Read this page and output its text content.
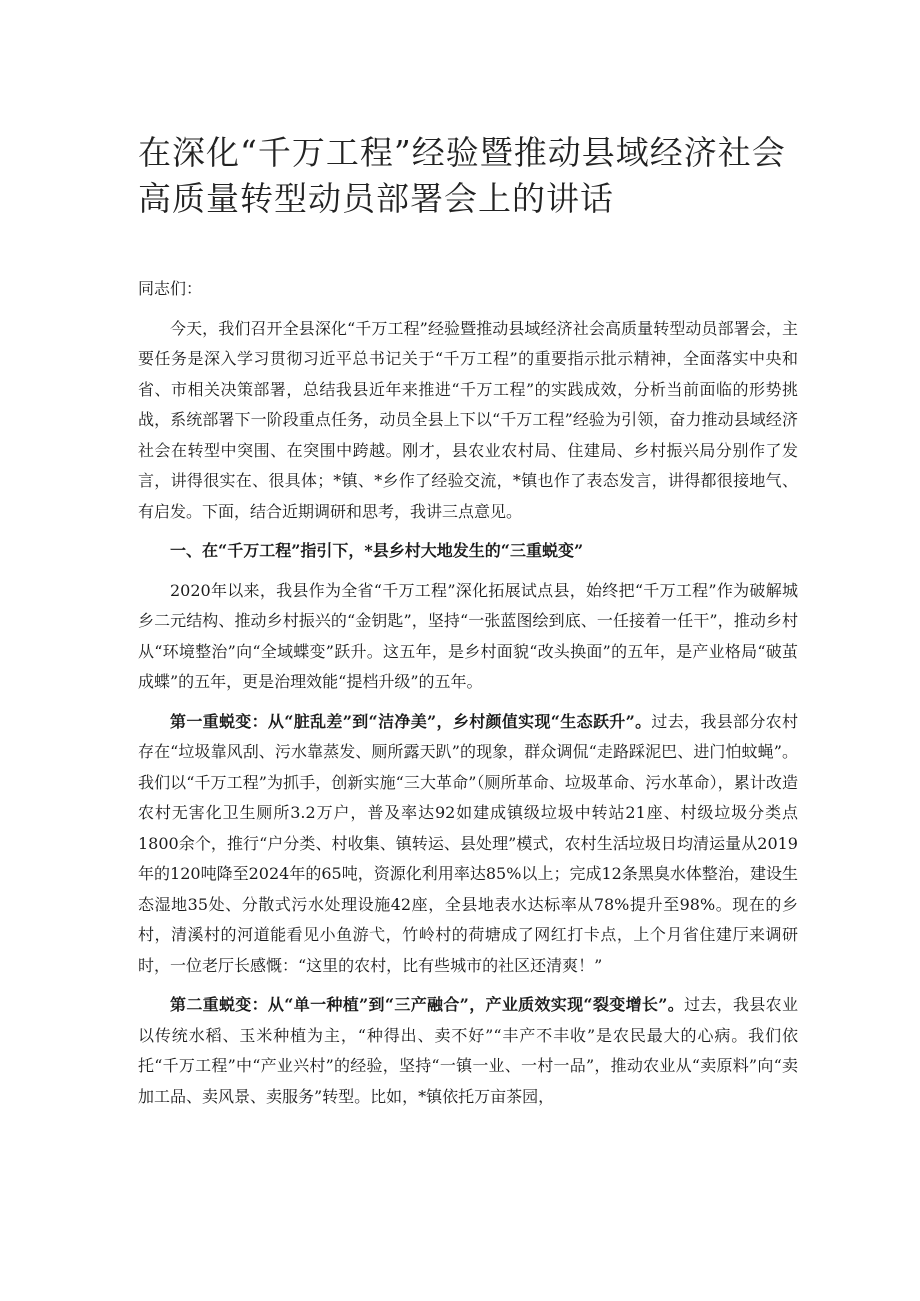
在深化“千万工程”经验暨推动县域经济社会高质量转型动员部署会上的讲话

同志们：

今天，我们召开全县深化“千万工程”经验暨推动县域经济社会高质量转型动员部署会，主要任务是深入学习贯彻习近平总书记关于“千万工程”的重要指示批示精神，全面落实中央和省、市相关决策部署，总结我县近年来推进“千万工程”的实践成效，分析当前面临的形势挑战，系统部署下一阶段重点任务，动员全县上下以“千万工程”经验为引领，奋力推动县域经济社会在转型中突围、在突围中跨越。刚才，县农业农村局、住建局、乡村振兴局分别作了发言，讲得很实在、很具体；*镇、*乡作了经验交流，*镇也作了表态发言，讲得都很接地气、有启发。下面，结合近期调研和思考，我讲三点意见。

一、在“千万工程”指引下，*县乡村大地发生的“三重蜕变”

2020年以来，我县作为全省“千万工程”深化拓展试点县，始终把“千万工程”作为破解城乡二元结构、推动乡村振兴的“金钥匙”，坚持“一张蓝图绘到底、一任接着一任干”，推动乡村从“环境整治”向“全域蝶变”跃升。这五年，是乡村面貌“改头换面”的五年，是产业格局“破茧成蝶”的五年，更是治理效能“提档升级”的五年。

第一重蜕变：从“脏乱差”到“洁净美”，乡村颜值实现“生态跃升”。过去，我县部分农村存在“垃圾靠风刮、污水靠蒸发、厕所露天趴”的现象，群众调侃“走路踩泥巴、进门怕蚊蝇”。我们以“千万工程”为抓手，创新实施“三大革命”（厕所革命、垃圾革命、污水革命），累计改造农村无害化卫生厕所3.2万户，普及率达92如建成镇级垃圾中转站21座、村级垃圾分类点1800余个，推行“户分类、村收集、镇转运、县处理”模式，农村生活垃圾日均清运量从2019年的120吨降至2024年的65吨，资源化利用率达85%以上；完成12条黑臭水体整治，建设生态湿地35处、分散式污水处理设施42座，全县地表水达标率从78%提升至98%。现在的乡村，清溪村的河道能看见小鱼游弋，竹岭村的荷塘成了网红打卡点，上个月省住建厅来调研时，一位老厅长感慨：“这里的农村，比有些城市的社区还清爽！”

第二重蜕变：从“单一种植”到“三产融合”，产业质效实现“裂变增长”。过去，我县农业以传统水稻、玉米种植为主，“种得出、卖不好”“丰产不丰收”是农民最大的心病。我们依托“千万工程”中“产业兴村”的经验，坚持“一镇一业、一村一品”，推动农业从“卖原料”向“卖加工品、卖风景、卖服务”转型。比如，*镇依托万亩茶园，
